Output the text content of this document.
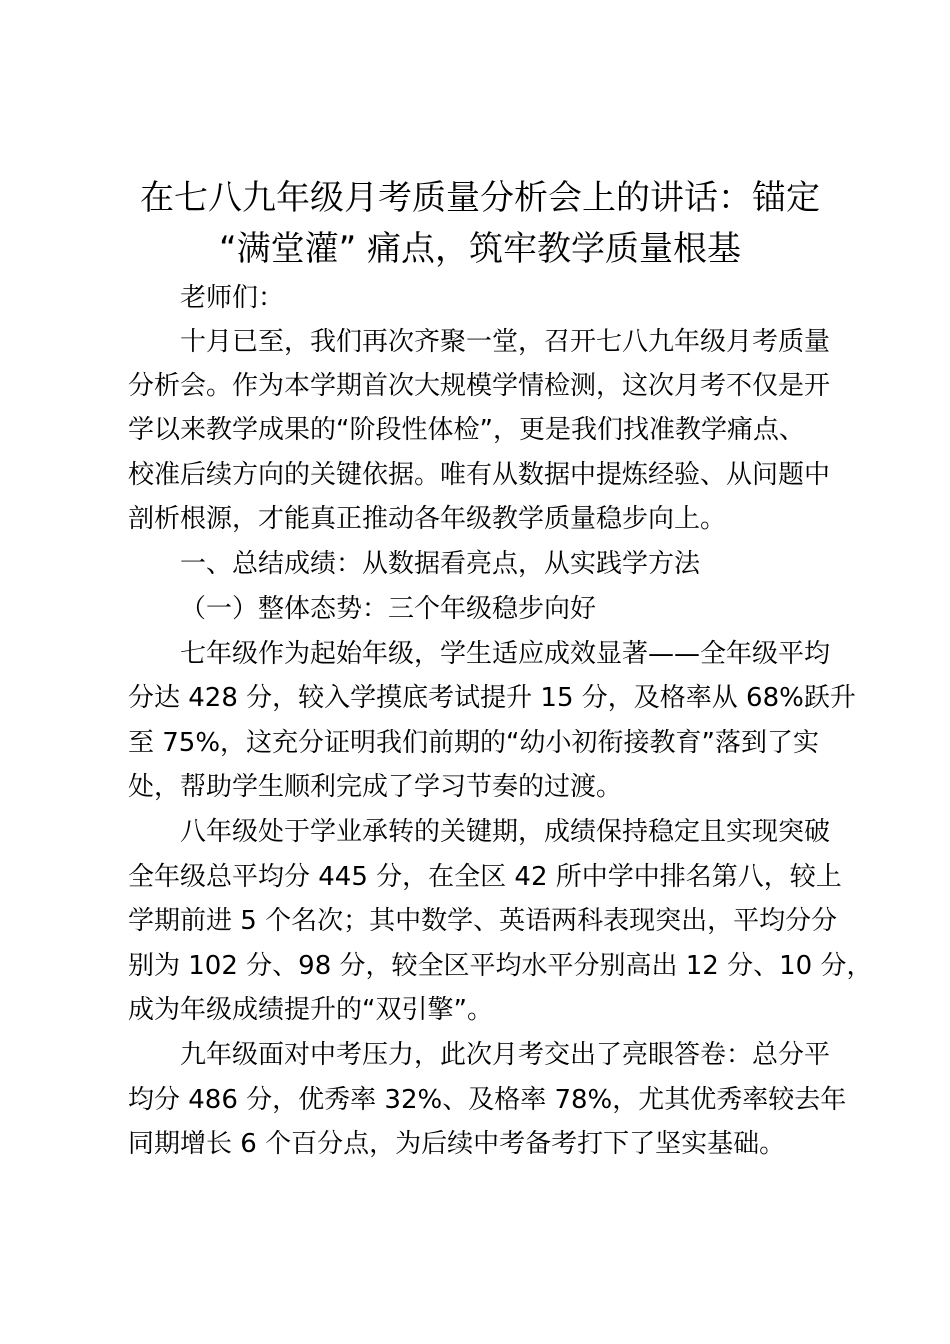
在七八九年级月考质量分析会上的讲话：锚定
“满堂灌” 痛点，筑牢教学质量根基
老师们：
十月已至，我们再次齐聚一堂，召开七八九年级月考质量
分析会。作为本学期首次大规模学情检测，这次月考不仅是开
学以来教学成果的“阶段性体检”，更是我们找准教学痛点、
校准后续方向的关键依据。唯有从数据中提炼经验、从问题中
剖析根源，才能真正推动各年级教学质量稳步向上。
一、总结成绩：从数据看亮点，从实践学方法
（一）整体态势：三个年级稳步向好
七年级作为起始年级，学生适应成效显著——全年级平均
分达 428 分，较入学摸底考试提升 15 分，及格率从 68%跃升
至 75%，这充分证明我们前期的“幼小初衔接教育”落到了实
处，帮助学生顺利完成了学习节奏的过渡。
八年级处于学业承转的关键期，成绩保持稳定且实现突破
全年级总平均分 445 分，在全区 42 所中学中排名第八，较上
学期前进 5 个名次；其中数学、英语两科表现突出，平均分分
别为 102 分、98 分，较全区平均水平分别高出 12 分、10 分，
成为年级成绩提升的“双引擎”。
九年级面对中考压力，此次月考交出了亮眼答卷：总分平
均分 486 分，优秀率 32%、及格率 78%，尤其优秀率较去年
同期增长 6 个百分点，为后续中考备考打下了坚实基础。
